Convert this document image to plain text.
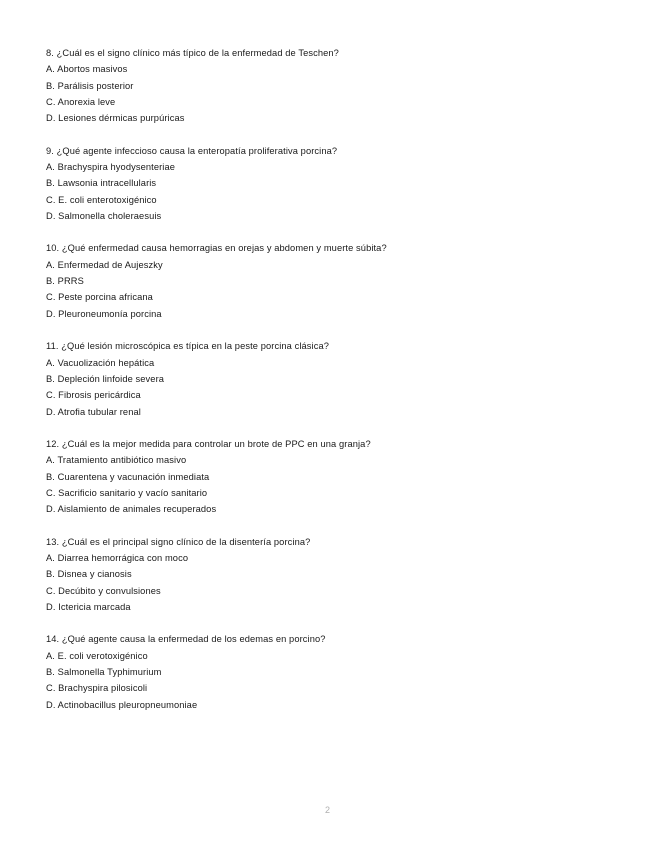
8. ¿Cuál es el signo clínico más típico de la enfermedad de Teschen?
A. Abortos masivos
B. Parálisis posterior
C. Anorexia leve
D. Lesiones dérmicas purpúricas
9. ¿Qué agente infeccioso causa la enteropatía proliferativa porcina?
A. Brachyspira hyodysenteriae
B. Lawsonia intracellularis
C. E. coli enterotoxigénico
D. Salmonella choleraesuis
10. ¿Qué enfermedad causa hemorragias en orejas y abdomen y muerte súbita?
A. Enfermedad de Aujeszky
B. PRRS
C. Peste porcina africana
D. Pleuroneumonía porcina
11. ¿Qué lesión microscópica es típica en la peste porcina clásica?
A. Vacuolización hepática
B. Depleción linfoide severa
C. Fibrosis pericárdica
D. Atrofia tubular renal
12. ¿Cuál es la mejor medida para controlar un brote de PPC en una granja?
A. Tratamiento antibiótico masivo
B. Cuarentena y vacunación inmediata
C. Sacrificio sanitario y vacío sanitario
D. Aislamiento de animales recuperados
13. ¿Cuál es el principal signo clínico de la disentería porcina?
A. Diarrea hemorrágica con moco
B. Disnea y cianosis
C. Decúbito y convulsiones
D. Ictericia marcada
14. ¿Qué agente causa la enfermedad de los edemas en porcino?
A. E. coli verotoxigénico
B. Salmonella Typhimurium
C. Brachyspira pilosicoli
D. Actinobacillus pleuropneumoniae
2
